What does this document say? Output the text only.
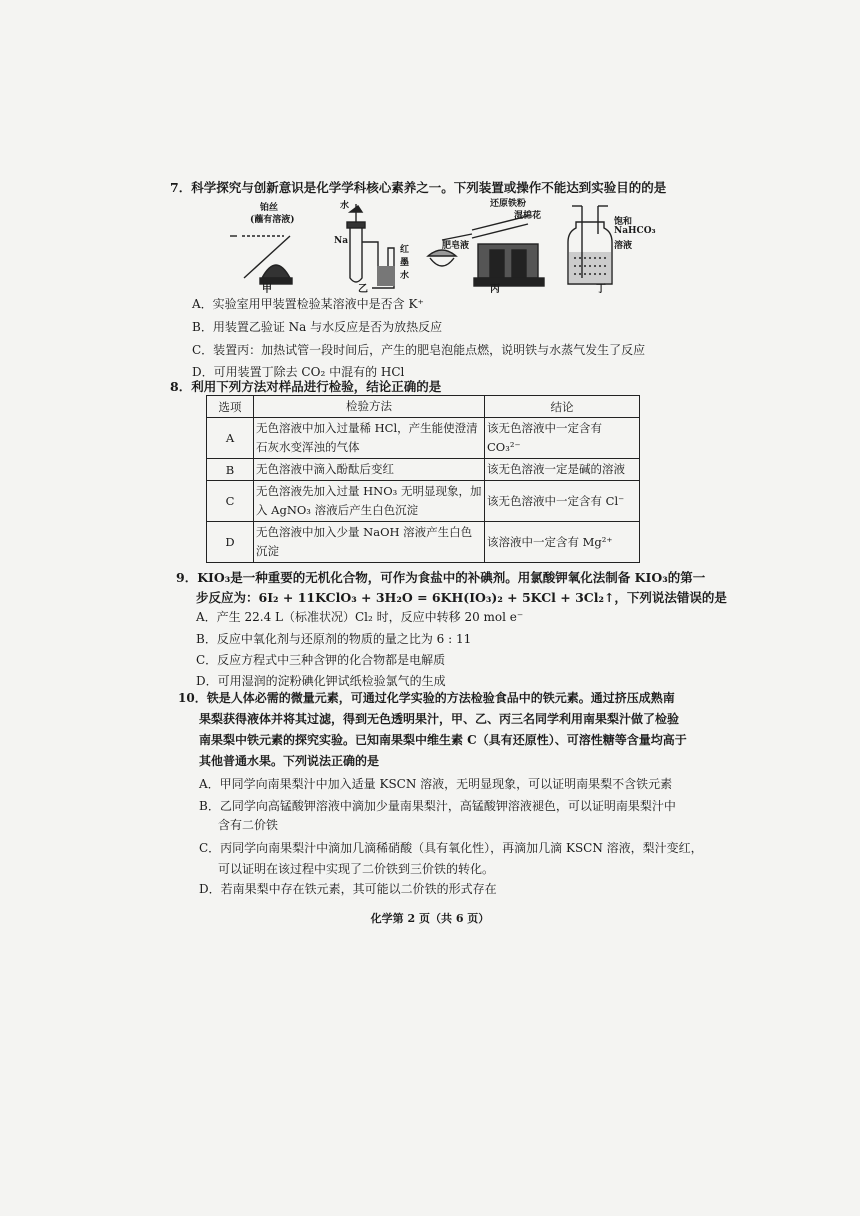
7．科学探究与创新意识是化学学科核心素养之一。下列装置或操作不能达到实验目的的是
铂丝
(蘸有溶液)
甲
水
Na
红墨水
乙
还原铁粉
湿棉花
肥皂液
丙
饱和
NaHCO₃
溶液
丁
A．实验室用甲装置检验某溶液中是否含 K⁺
B．用装置乙验证 Na 与水反应是否为放热反应
C．装置丙：加热试管一段时间后，产生的肥皂泡能点燃，说明铁与水蒸气发生了反应
D．可用装置丁除去 CO₂ 中混有的 HCl
8．利用下列方法对样品进行检验，结论正确的是
选项	检验方法	结论
A	无色溶液中加入过量稀 HCl，产生能使澄清石灰水变浑浊的气体	该无色溶液中一定含有 CO₃²⁻
B	无色溶液中滴入酚酞后变红	该无色溶液一定是碱的溶液
C	无色溶液先加入过量 HNO₃ 无明显现象，加入 AgNO₃ 溶液后产生白色沉淀	该无色溶液中一定含有 Cl⁻
D	无色溶液中加入少量 NaOH 溶液产生白色沉淀	该溶液中一定含有 Mg²⁺
9．KIO₃是一种重要的无机化合物，可作为食盐中的补碘剂。用氯酸钾氧化法制备 KIO₃的第一
步反应为：6I₂ + 11KClO₃ + 3H₂O = 6KH(IO₃)₂ + 5KCl + 3Cl₂↑，下列说法错误的是
A．产生 22.4 L（标准状况）Cl₂ 时，反应中转移 20 mol e⁻
B．反应中氧化剂与还原剂的物质的量之比为 6 : 11
C．反应方程式中三种含钾的化合物都是电解质
D．可用湿润的淀粉碘化钾试纸检验氯气的生成
10．铁是人体必需的微量元素，可通过化学实验的方法检验食品中的铁元素。通过挤压成熟南
果梨获得液体并将其过滤，得到无色透明果汁，甲、乙、丙三名同学利用南果梨汁做了检验
南果梨中铁元素的探究实验。已知南果梨中维生素 C（具有还原性）、可溶性糖等含量均高于
其他普通水果。下列说法正确的是
A．甲同学向南果梨汁中加入适量 KSCN 溶液，无明显现象，可以证明南果梨不含铁元素
B．乙同学向高锰酸钾溶液中滴加少量南果梨汁，高锰酸钾溶液褪色，可以证明南果梨汁中
含有二价铁
C．丙同学向南果梨汁中滴加几滴稀硝酸（具有氧化性），再滴加几滴 KSCN 溶液，梨汁变红，
可以证明在该过程中实现了二价铁到三价铁的转化。
D．若南果梨中存在铁元素，其可能以二价铁的形式存在
化学第 2 页（共 6 页）
